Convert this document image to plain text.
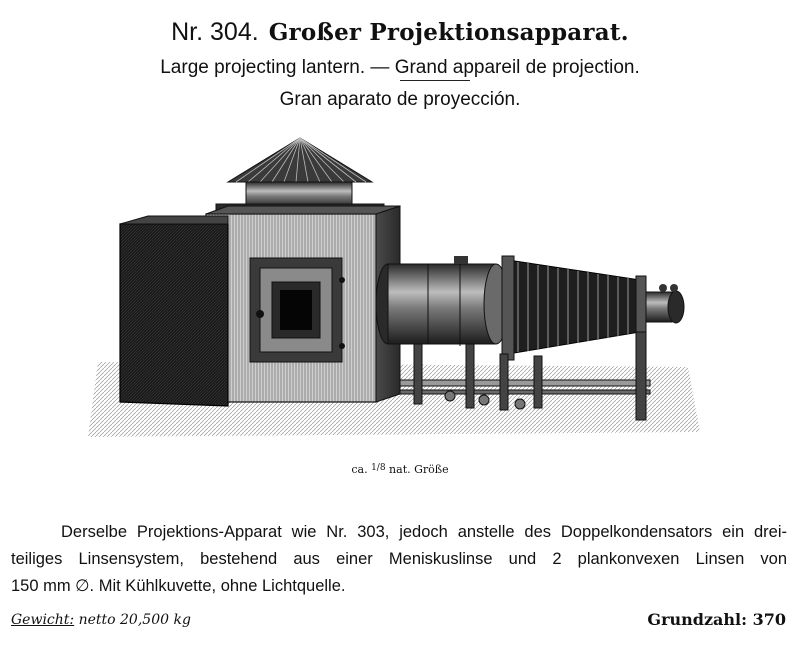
Nr. 304. Großer Projektionsapparat.
Large projecting lantern. — Grand appareil de projection.
Gran aparato de proyección.
ca. $^{1/8}$ nat. Größe
Derselbe Projektions-Apparat wie Nr. 303, jedoch anstelle des Doppelkondensators ein drei-
teiliges Linsensystem, bestehend aus einer Meniskuslinse und 2 plankonvexen Linsen von
150 mm ∅. Mit Kühlkuvette, ohne Lichtquelle.
Gewicht: netto 20,500 kg	Grundzahl: 370
